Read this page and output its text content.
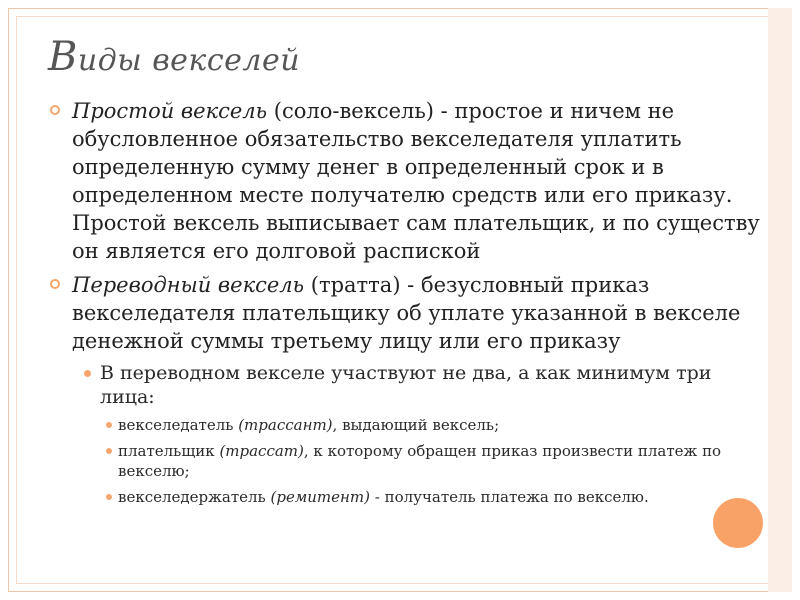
Виды векселей
Простой вексель (соло-вексель) - простое и ничем не обусловленное обязательство векселедателя уплатить определенную сумму денег в определенный срок и в определенном месте получателю средств или его приказу. Простой вексель выписывает сам плательщик, и по существу он является его долговой распиской
Переводный вексель (тратта) - безусловный приказ векселедателя плательщику об уплате указанной в векселе денежной суммы третьему лицу или его приказу
В переводном векселе участвуют не два, а как минимум три лица:
векселедатель (трассант), выдающий вексель;
плательщик (трассат), к которому обращен приказ произвести платеж по векселю;
векселедержатель (ремитент) - получатель платежа по векселю.
